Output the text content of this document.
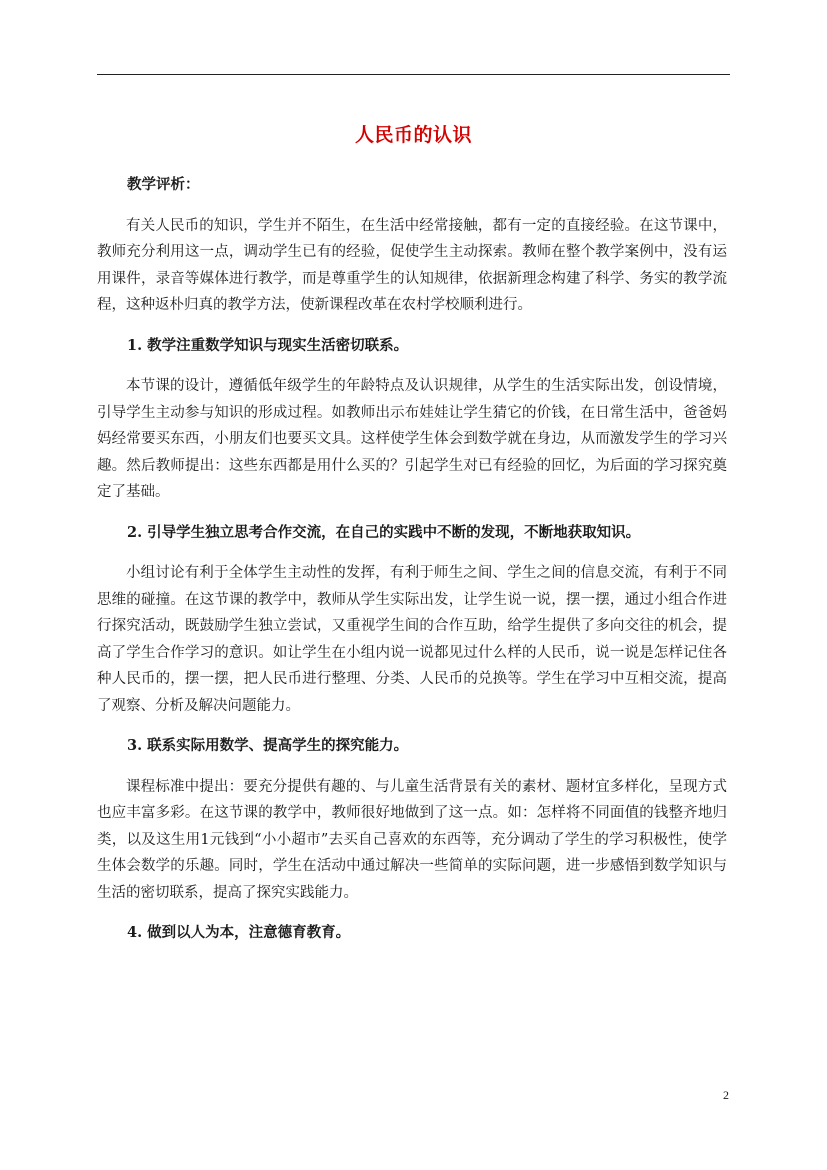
人民币的认识
教学评析：
有关人民币的知识，学生并不陌生，在生活中经常接触，都有一定的直接经验。在这节课中，教师充分利用这一点，调动学生已有的经验，促使学生主动探索。教师在整个教学案例中，没有运用课件，录音等媒体进行教学，而是尊重学生的认知规律，依据新理念构建了科学、务实的教学流程，这种返朴归真的教学方法，使新课程改革在农村学校顺利进行。
1. 教学注重数学知识与现实生活密切联系。
本节课的设计，遵循低年级学生的年龄特点及认识规律，从学生的生活实际出发，创设情境，引导学生主动参与知识的形成过程。如教师出示布娃娃让学生猜它的价钱，在日常生活中，爸爸妈妈经常要买东西，小朋友们也要买文具。这样使学生体会到数学就在身边，从而激发学生的学习兴趣。然后教师提出：这些东西都是用什么买的？引起学生对已有经验的回忆，为后面的学习探究奠定了基础。
2. 引导学生独立思考合作交流，在自己的实践中不断的发现，不断地获取知识。
小组讨论有利于全体学生主动性的发挥，有利于师生之间、学生之间的信息交流，有利于不同思维的碰撞。在这节课的教学中，教师从学生实际出发，让学生说一说，摆一摆，通过小组合作进行探究活动，既鼓励学生独立尝试，又重视学生间的合作互助，给学生提供了多向交往的机会，提高了学生合作学习的意识。如让学生在小组内说一说都见过什么样的人民币，说一说是怎样记住各种人民币的，摆一摆，把人民币进行整理、分类、人民币的兑换等。学生在学习中互相交流，提高了观察、分析及解决问题能力。
3. 联系实际用数学、提高学生的探究能力。
课程标准中提出：要充分提供有趣的、与儿童生活背景有关的素材、题材宜多样化，呈现方式也应丰富多彩。在这节课的教学中，教师很好地做到了这一点。如：怎样将不同面值的钱整齐地归类，以及这生用1元钱到“小小超市”去买自己喜欢的东西等，充分调动了学生的学习积极性，使学生体会数学的乐趣。同时，学生在活动中通过解决一些简单的实际问题，进一步感悟到数学知识与生活的密切联系，提高了探究实践能力。
4. 做到以人为本，注意德育教育。
2
